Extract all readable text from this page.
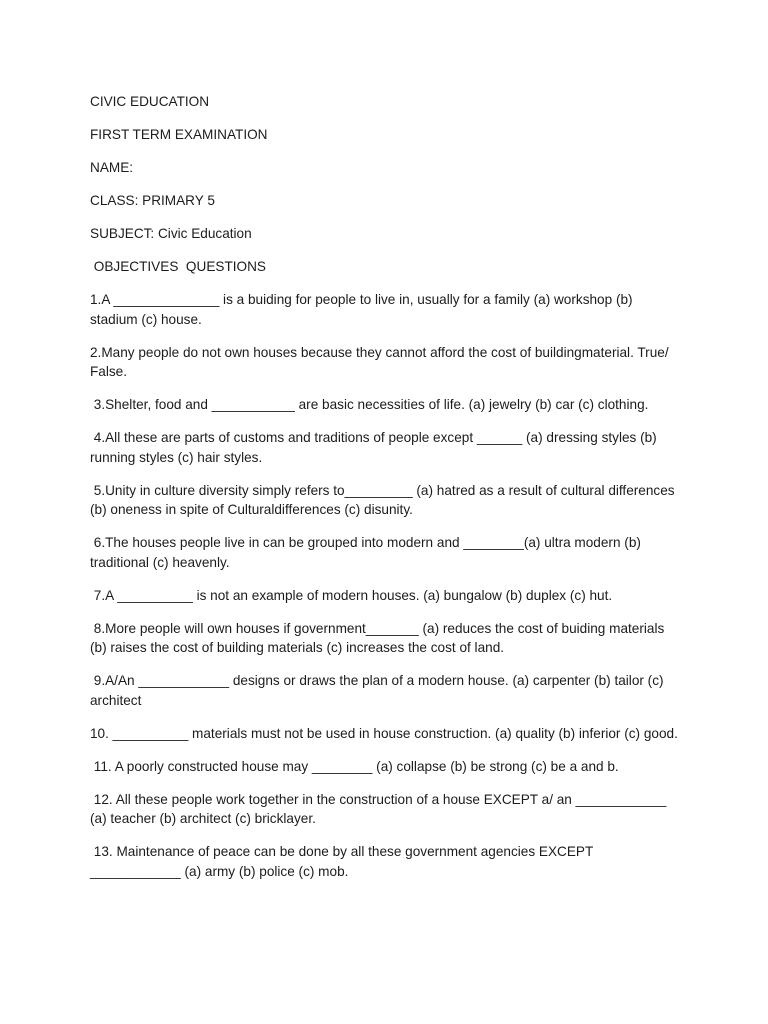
CIVIC EDUCATION
FIRST TERM EXAMINATION
NAME:
CLASS: PRIMARY 5
SUBJECT: Civic Education
OBJECTIVES  QUESTIONS
1.A ______________ is a buiding for people to live in, usually for a family (a) workshop (b) stadium (c) house.
2.Many people do not own houses because they cannot afford the cost of buildingmaterial. True/ False.
3.Shelter, food and ___________ are basic necessities of life. (a) jewelry (b) car (c) clothing.
4.All these are parts of customs and traditions of people except ______ (a) dressing styles (b) running styles (c) hair styles.
5.Unity in culture diversity simply refers to_________ (a) hatred as a result of cultural differences (b) oneness in spite of Culturaldifferences (c) disunity.
6.The houses people live in can be grouped into modern and ________(a) ultra modern (b) traditional (c) heavenly.
7.A __________ is not an example of modern houses. (a) bungalow (b) duplex (c) hut.
8.More people will own houses if government_______ (a) reduces the cost of buiding materials (b) raises the cost of building materials (c) increases the cost of land.
9.A/An ____________ designs or draws the plan of a modern house. (a) carpenter (b) tailor (c) architect
10. __________ materials must not be used in house construction. (a) quality (b) inferior (c) good.
11. A poorly constructed house may ________ (a) collapse (b) be strong (c) be a and b.
12. All these people work together in the construction of a house EXCEPT a/ an ____________ (a) teacher (b) architect (c) bricklayer.
13. Maintenance of peace can be done by all these government agencies EXCEPT ____________ (a) army (b) police (c) mob.
